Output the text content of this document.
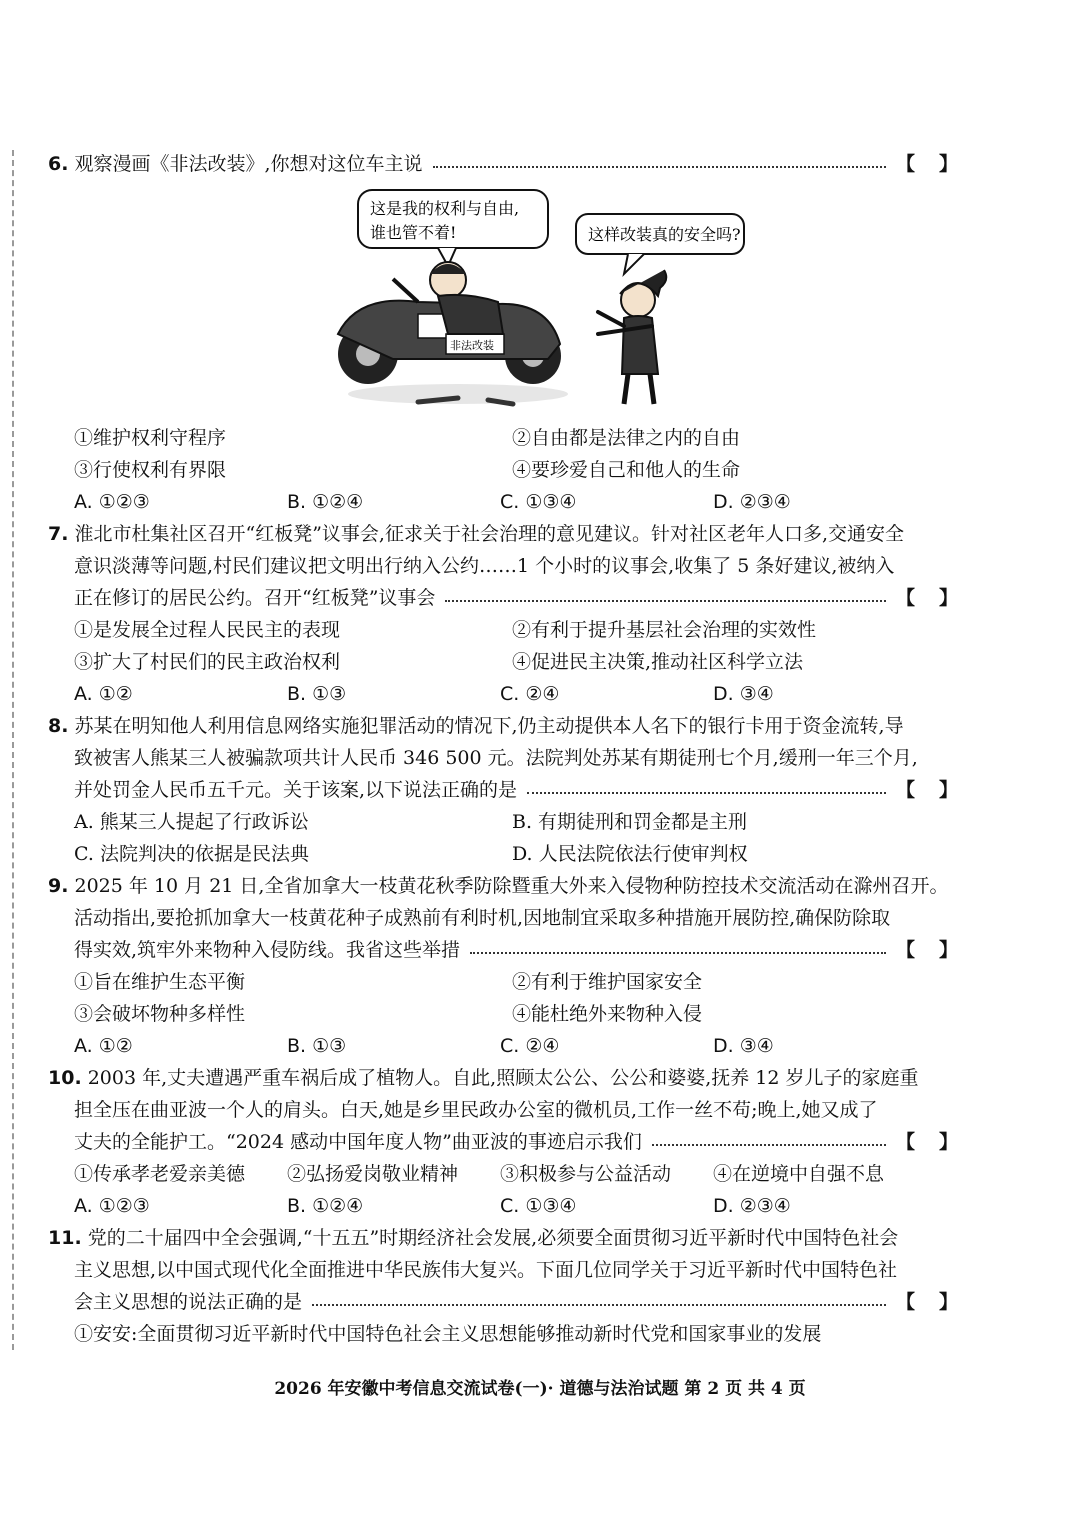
6. 观察漫画《非法改装》,你想对这位车主说	【 】
这是我的权利与自由,
谁也管不着!	这样改装真的安全吗?
非法改装
①维护权利守程序	②自由都是法律之内的自由
③行使权利有界限	④要珍爱自己和他人的生命
A. ①②③	B. ①②④	C. ①③④	D. ②③④
7. 淮北市杜集社区召开“红板凳”议事会,征求关于社会治理的意见建议。针对社区老年人口多,交通安全
意识淡薄等问题,村民们建议把文明出行纳入公约……1 个小时的议事会,收集了 5 条好建议,被纳入
正在修订的居民公约。召开“红板凳”议事会	【 】
①是发展全过程人民民主的表现	②有利于提升基层社会治理的实效性
③扩大了村民们的民主政治权利	④促进民主决策,推动社区科学立法
A. ①②	B. ①③	C. ②④	D. ③④
8. 苏某在明知他人利用信息网络实施犯罪活动的情况下,仍主动提供本人名下的银行卡用于资金流转,导
致被害人熊某三人被骗款项共计人民币 346 500 元。法院判处苏某有期徒刑七个月,缓刑一年三个月,
并处罚金人民币五千元。关于该案,以下说法正确的是	【 】
A. 熊某三人提起了行政诉讼	B. 有期徒刑和罚金都是主刑
C. 法院判决的依据是民法典	D. 人民法院依法行使审判权
9. 2025 年 10 月 21 日,全省加拿大一枝黄花秋季防除暨重大外来入侵物种防控技术交流活动在滁州召开。
活动指出,要抢抓加拿大一枝黄花种子成熟前有利时机,因地制宜采取多种措施开展防控,确保防除取
得实效,筑牢外来物种入侵防线。我省这些举措	【 】
①旨在维护生态平衡	②有利于维护国家安全
③会破坏物种多样性	④能杜绝外来物种入侵
A. ①②	B. ①③	C. ②④	D. ③④
10. 2003 年,丈夫遭遇严重车祸后成了植物人。自此,照顾太公公、公公和婆婆,抚养 12 岁儿子的家庭重
担全压在曲亚波一个人的肩头。白天,她是乡里民政办公室的微机员,工作一丝不苟;晚上,她又成了
丈夫的全能护工。“2024 感动中国年度人物”曲亚波的事迹启示我们	【 】
①传承孝老爱亲美德	②弘扬爱岗敬业精神	③积极参与公益活动	④在逆境中自强不息
A. ①②③	B. ①②④	C. ①③④	D. ②③④
11. 党的二十届四中全会强调,“十五五”时期经济社会发展,必须要全面贯彻习近平新时代中国特色社会
主义思想,以中国式现代化全面推进中华民族伟大复兴。下面几位同学关于习近平新时代中国特色社
会主义思想的说法正确的是	【 】
①安安:全面贯彻习近平新时代中国特色社会主义思想能够推动新时代党和国家事业的发展
2026 年安徽中考信息交流试卷(一)· 道德与法治试题 第 2 页 共 4 页
